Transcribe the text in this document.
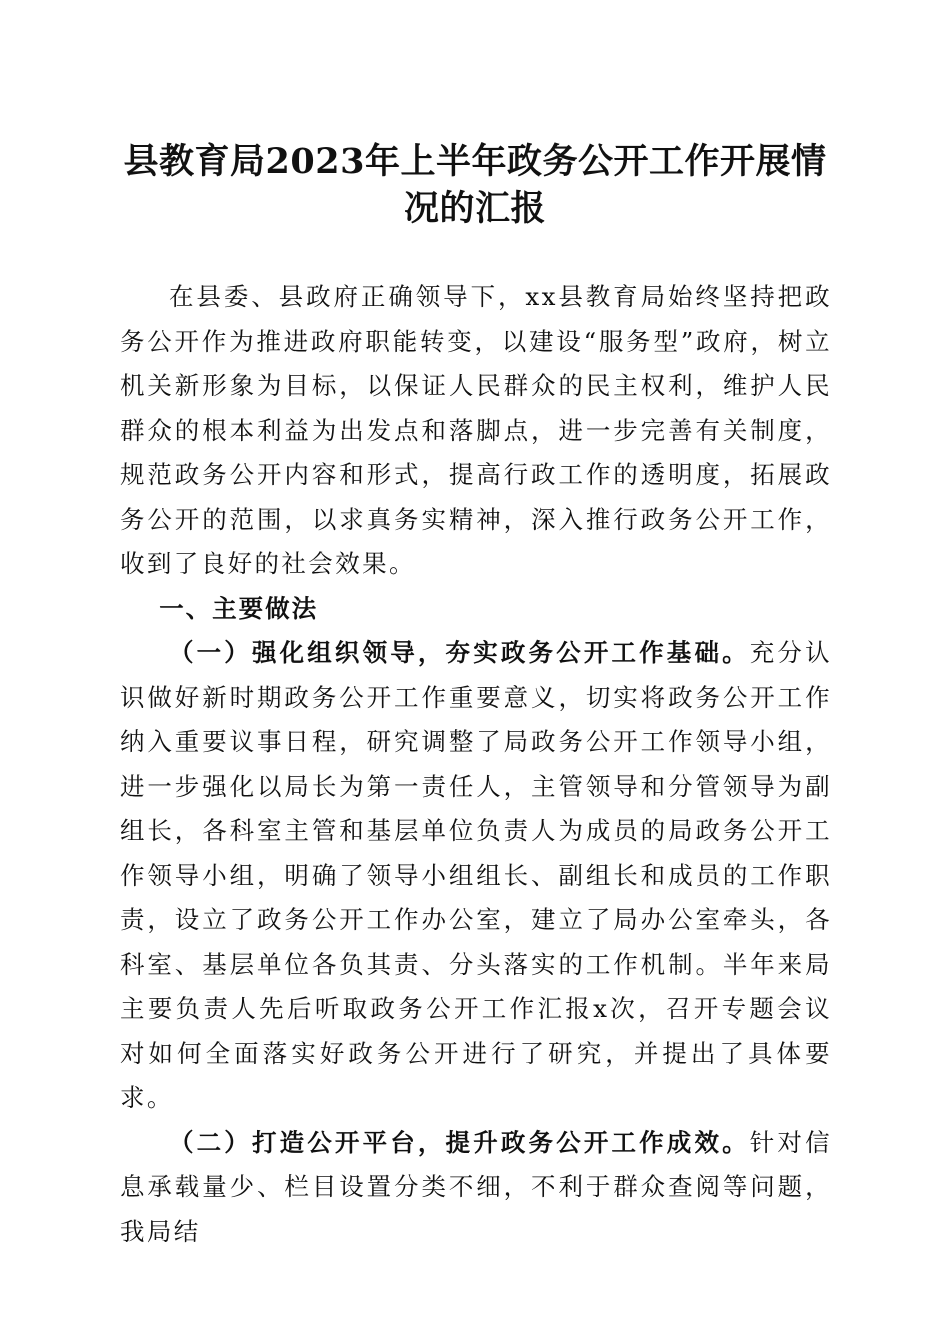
县教育局2023年上半年政务公开工作开展情
况的汇报

在县委、县政府正确领导下，xx县教育局始终坚持把政务公开作为推进政府职能转变，以建设“服务型”政府，树立机关新形象为目标，以保证人民群众的民主权利，维护人民群众的根本利益为出发点和落脚点，进一步完善有关制度，规范政务公开内容和形式，提高行政工作的透明度，拓展政务公开的范围，以求真务实精神，深入推行政务公开工作，收到了良好的社会效果。

一、主要做法

（一）强化组织领导，夯实政务公开工作基础。充分认识做好新时期政务公开工作重要意义，切实将政务公开工作纳入重要议事日程，研究调整了局政务公开工作领导小组，进一步强化以局长为第一责任人，主管领导和分管领导为副组长，各科室主管和基层单位负责人为成员的局政务公开工作领导小组，明确了领导小组组长、副组长和成员的工作职责，设立了政务公开工作办公室，建立了局办公室牵头，各科室、基层单位各负其责、分头落实的工作机制。半年来局主要负责人先后听取政务公开工作汇报x次，召开专题会议对如何全面落实好政务公开进行了研究，并提出了具体要求。

（二）打造公开平台，提升政务公开工作成效。针对信息承载量少、栏目设置分类不细，不利于群众查阅等问题，我局结
